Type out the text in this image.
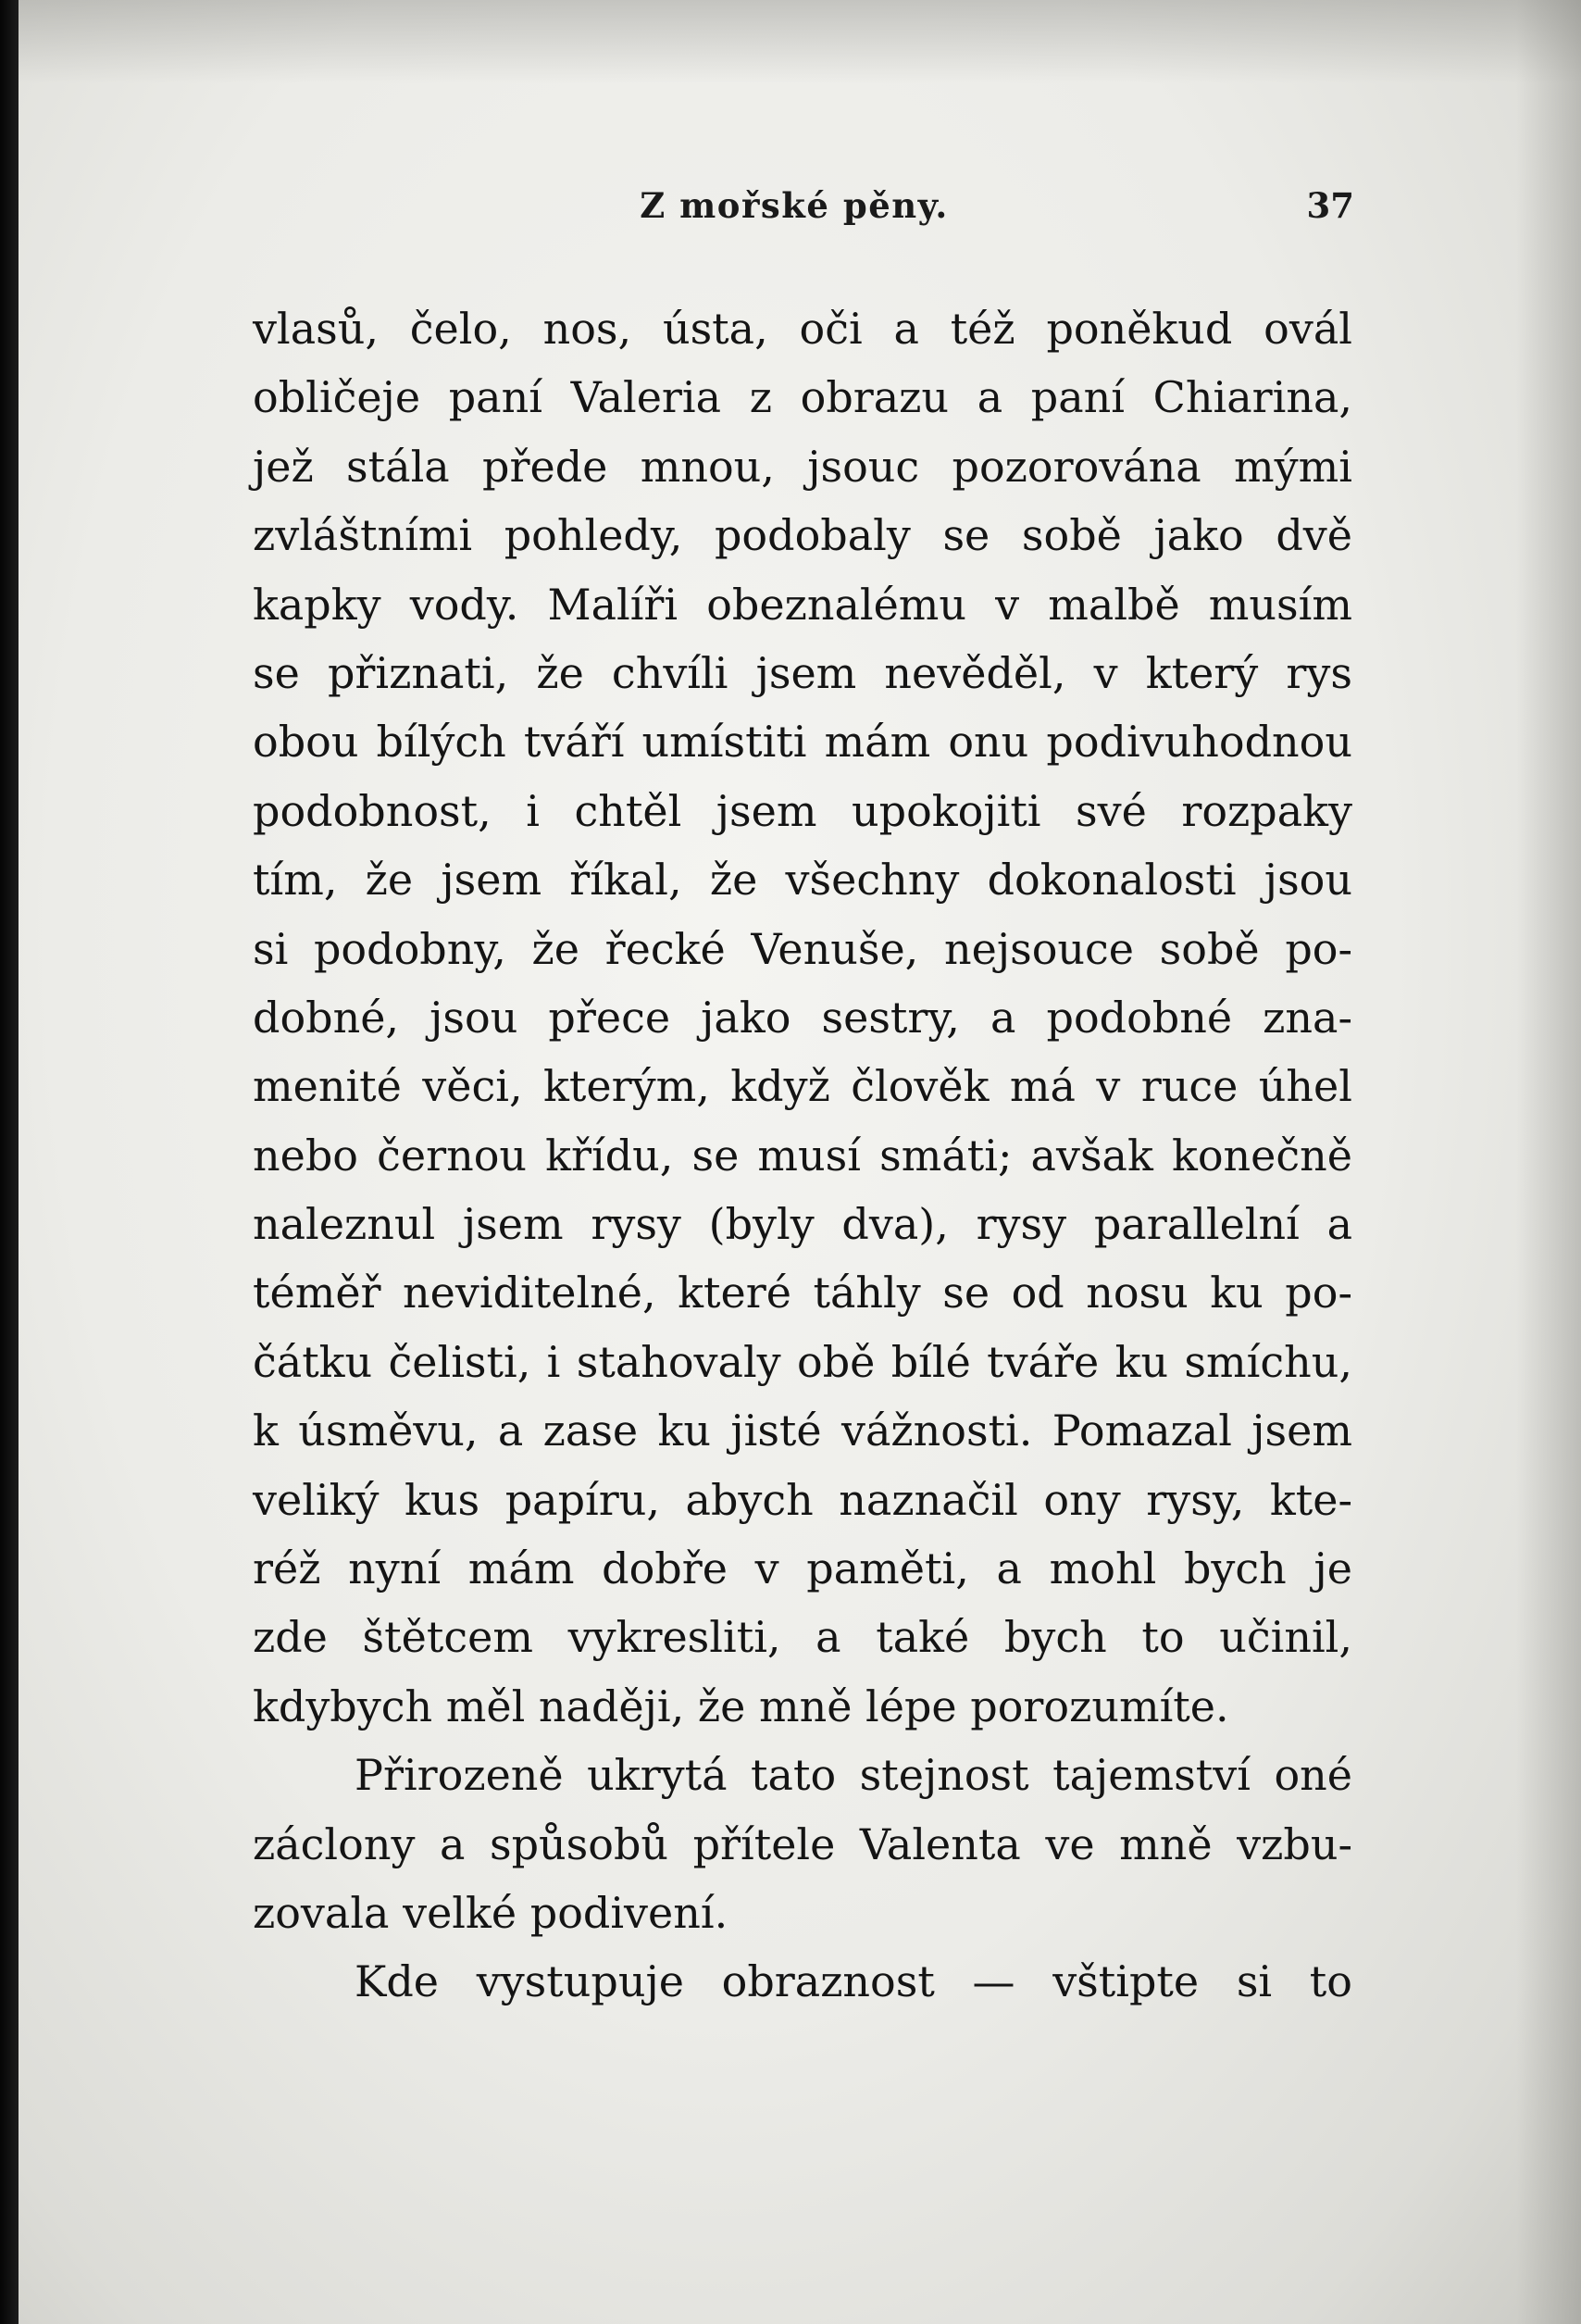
Z mořské pěny.	37
vlasů, čelo, nos, ústa, oči a též poněkud ovál
obličeje paní Valeria z obrazu a paní Chiarina,
jež stála přede mnou, jsouc pozorována mými
zvláštními pohledy, podobaly se sobě jako dvě
kapky vody. Malíři obeznalému v malbě musím
se přiznati, že chvíli jsem nevěděl, v který rys
obou bílých tváří umístiti mám onu podivuhodnou
podobnost, i chtěl jsem upokojiti své rozpaky
tím, že jsem říkal, že všechny dokonalosti jsou
si podobny, že řecké Venuše, nejsouce sobě po-
dobné, jsou přece jako sestry, a podobné zna-
menité věci, kterým, když člověk má v ruce úhel
nebo černou křídu, se musí smáti; avšak konečně
naleznul jsem rysy (byly dva), rysy parallelní a
téměř neviditelné, které táhly se od nosu ku po-
čátku čelisti, i stahovaly obě bílé tváře ku smíchu,
k úsměvu, a zase ku jisté vážnosti. Pomazal jsem
veliký kus papíru, abych naznačil ony rysy, kte-
réž nyní mám dobře v paměti, a mohl bych je
zde štětcem vykresliti, a také bych to učinil,
kdybych měl naději, že mně lépe porozumíte.
Přirozeně ukrytá tato stejnost tajemství oné
záclony a spůsobů přítele Valenta ve mně vzbu-
zovala velké podivení.
Kde vystupuje obraznost — vštipte si to
